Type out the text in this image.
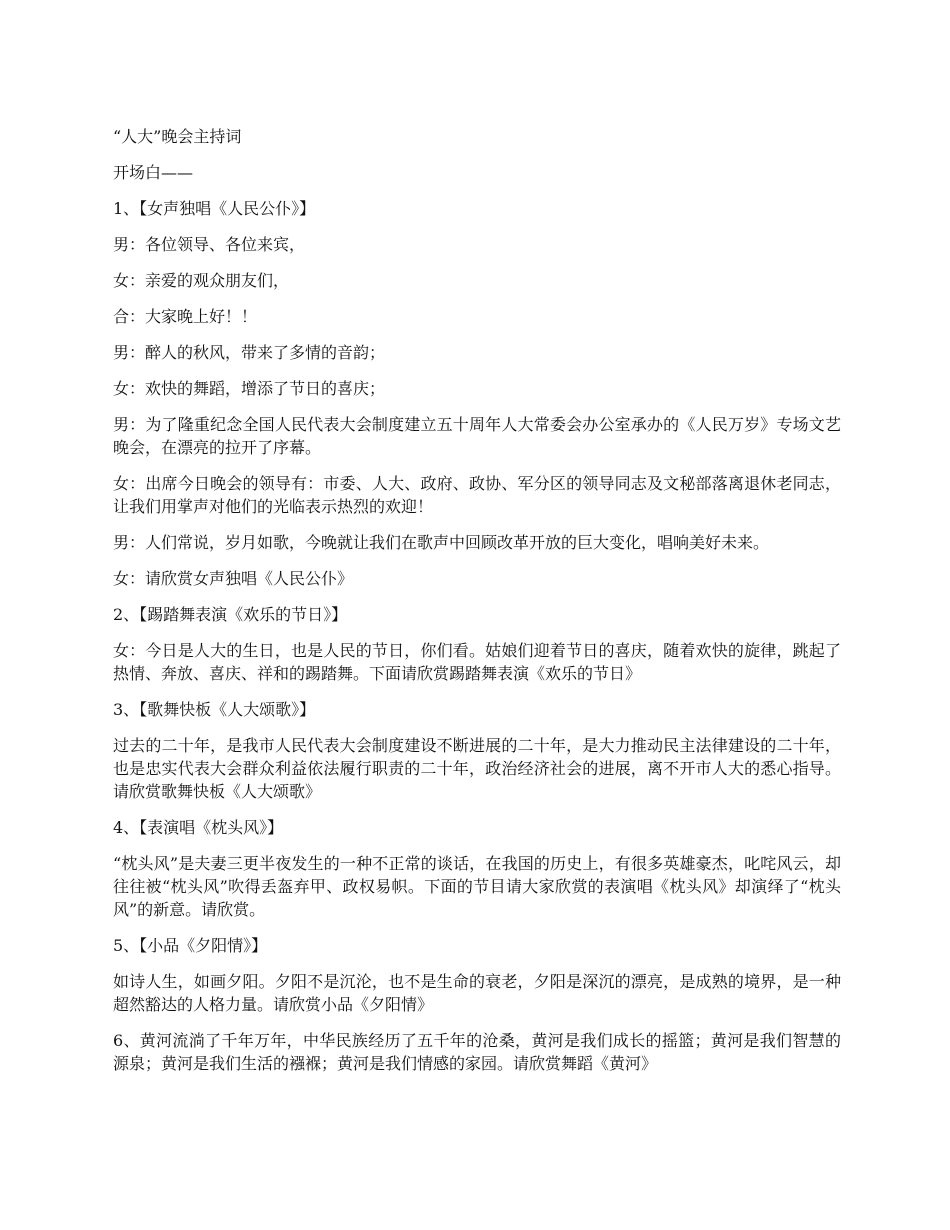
“人大”晚会主持词

开场白——

1、【女声独唱《人民公仆》】

男：各位领导、各位来宾，

女：亲爱的观众朋友们，

合：大家晚上好！！

男：醉人的秋风，带来了多情的音韵；

女：欢快的舞蹈，增添了节日的喜庆；

男：为了隆重纪念全国人民代表大会制度建立五十周年人大常委会办公室承办的《人民万岁》专场文艺晚会，在漂亮的拉开了序幕。

女：出席今日晚会的领导有：市委、人大、政府、政协、军分区的领导同志及文秘部落离退休老同志，让我们用掌声对他们的光临表示热烈的欢迎！

男：人们常说，岁月如歌，今晚就让我们在歌声中回顾改革开放的巨大变化，唱响美好未来。

女：请欣赏女声独唱《人民公仆》

2、【踢踏舞表演《欢乐的节日》】

女：今日是人大的生日，也是人民的节日，你们看。姑娘们迎着节日的喜庆，随着欢快的旋律，跳起了热情、奔放、喜庆、祥和的踢踏舞。下面请欣赏踢踏舞表演《欢乐的节日》

3、【歌舞快板《人大颂歌》】

过去的二十年，是我市人民代表大会制度建设不断进展的二十年，是大力推动民主法律建设的二十年，也是忠实代表大会群众利益依法履行职责的二十年，政治经济社会的进展，离不开市人大的悉心指导。请欣赏歌舞快板《人大颂歌》

4、【表演唱《枕头风》】

“枕头风”是夫妻三更半夜发生的一种不正常的谈话，在我国的历史上，有很多英雄豪杰，叱咤风云，却往往被“枕头风”吹得丢盔弃甲、政权易帜。下面的节目请大家欣赏的表演唱《枕头风》却演绎了“枕头风”的新意。请欣赏。

5、【小品《夕阳情》】

如诗人生，如画夕阳。夕阳不是沉沦，也不是生命的衰老，夕阳是深沉的漂亮，是成熟的境界，是一种超然豁达的人格力量。请欣赏小品《夕阳情》

6、黄河流淌了千年万年，中华民族经历了五千年的沧桑，黄河是我们成长的摇篮；黄河是我们智慧的源泉；黄河是我们生活的襁褓；黄河是我们情感的家园。请欣赏舞蹈《黄河》
